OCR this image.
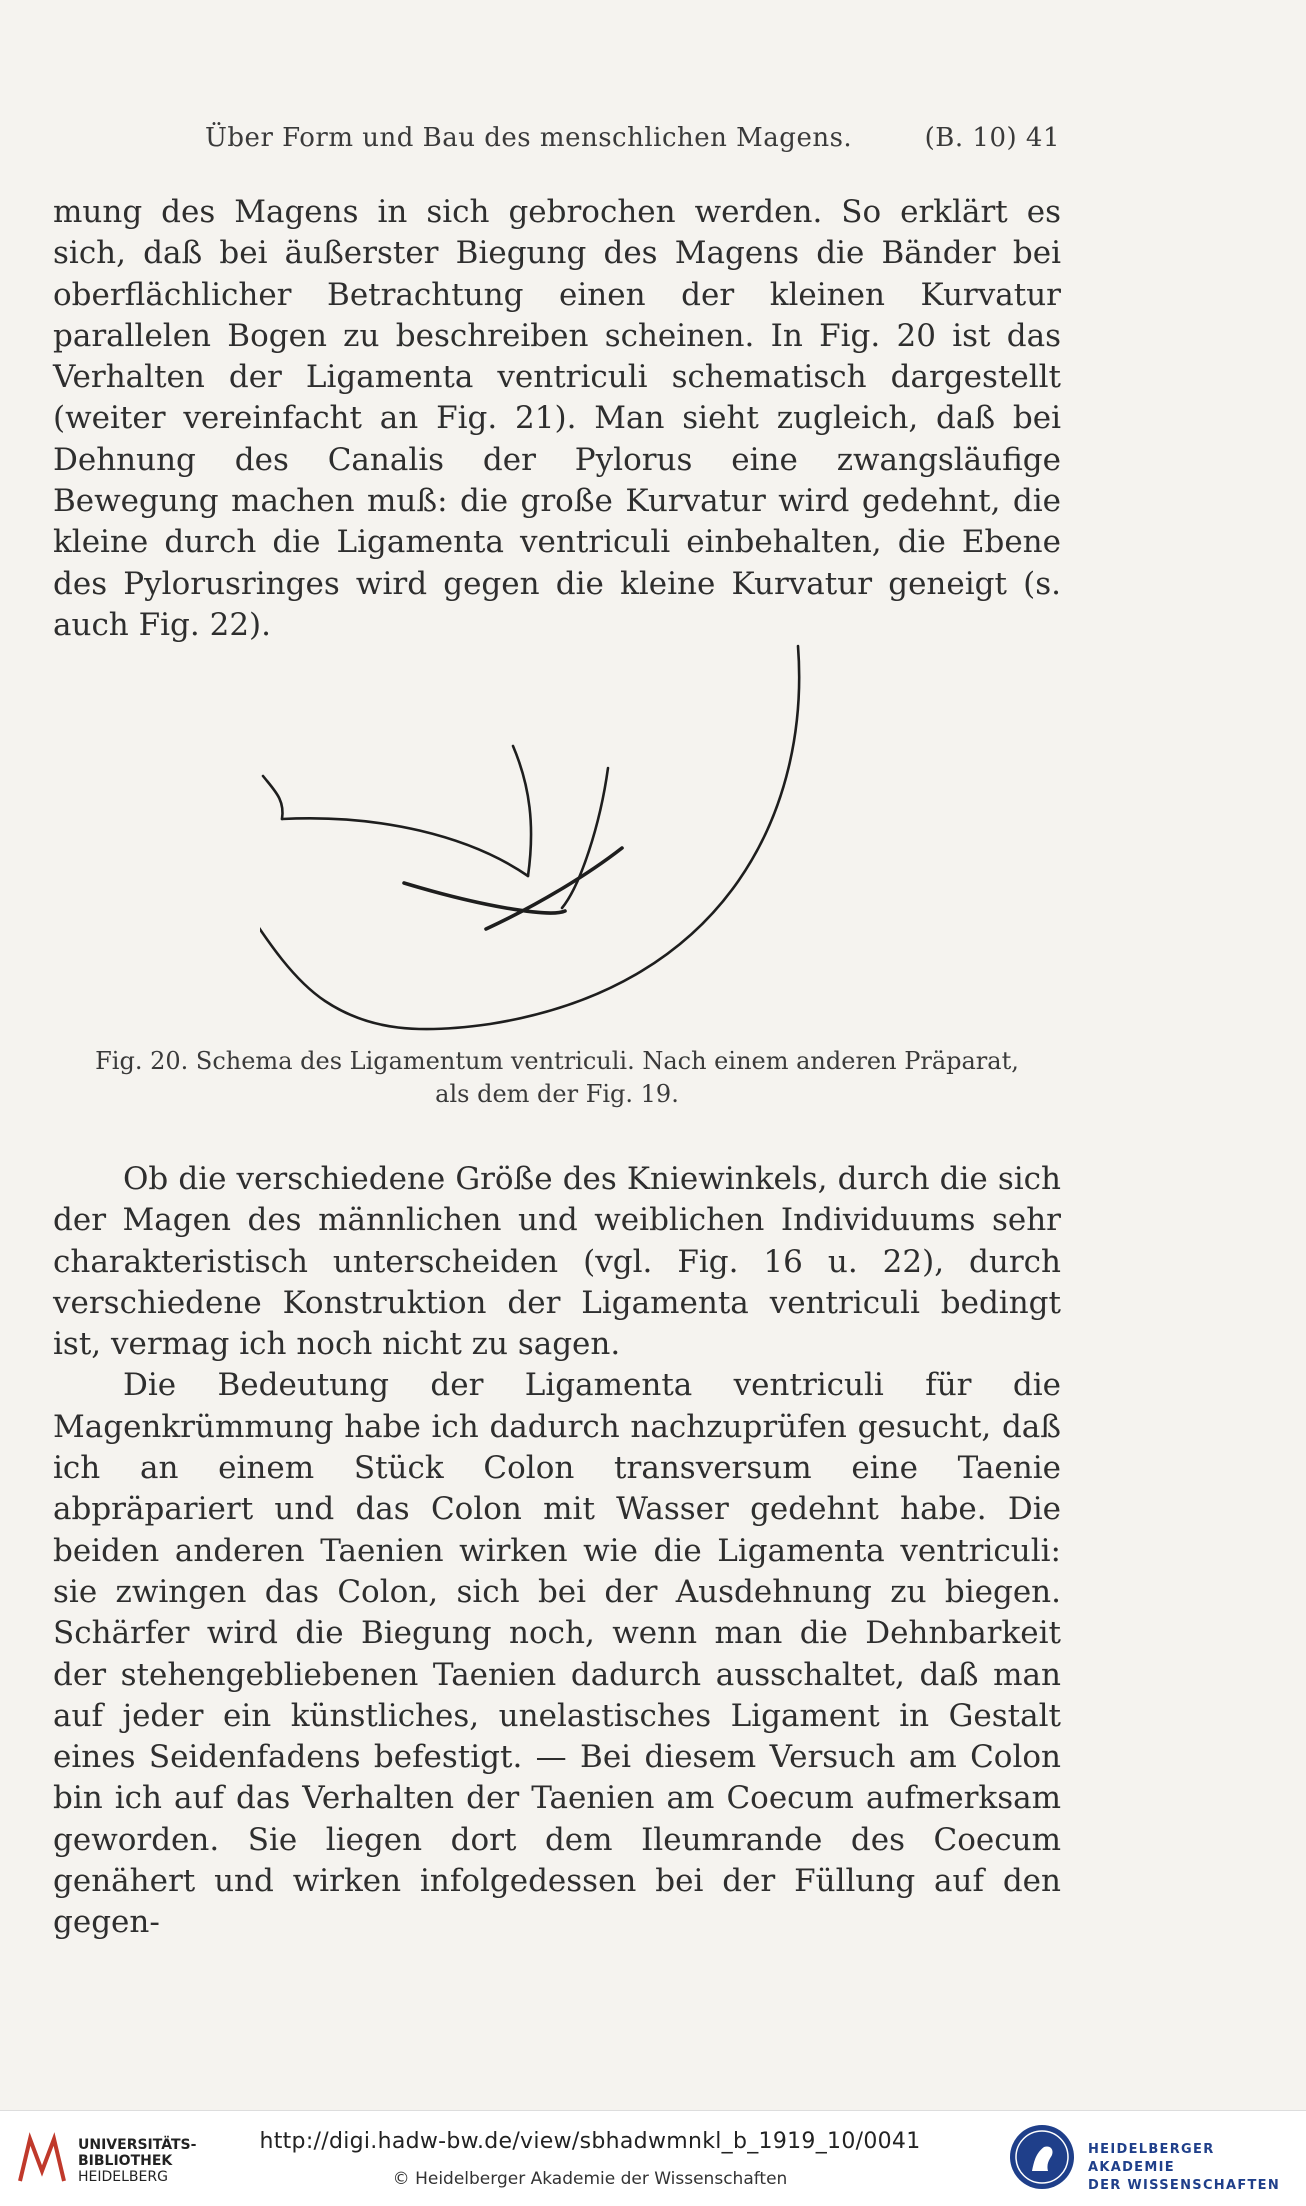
Über Form und Bau des menschlichen Magens.	(B. 10) 41

mung des Magens in sich gebrochen werden. So erklärt es sich, daß bei äußerster Biegung des Magens die Bänder bei oberflächlicher Betrachtung einen der kleinen Kurvatur parallelen Bogen zu beschreiben scheinen. In Fig. 20 ist das Verhalten der Ligamenta ventriculi schematisch dargestellt (weiter vereinfacht an Fig. 21). Man sieht zugleich, daß bei Dehnung des Canalis der Pylorus eine zwangsläufige Bewegung machen muß: die große Kurvatur wird gedehnt, die kleine durch die Ligamenta ventriculi einbehalten, die Ebene des Pylorusringes wird gegen die kleine Kurvatur geneigt (s. auch Fig. 22).

Fig. 20. Schema des Ligamentum ventriculi. Nach einem anderen Präparat,
als dem der Fig. 19.

Ob die verschiedene Größe des Kniewinkels, durch die sich der Magen des männlichen und weiblichen Individuums sehr charakteristisch unterscheiden (vgl. Fig. 16 u. 22), durch verschiedene Konstruktion der Ligamenta ventriculi bedingt ist, vermag ich noch nicht zu sagen.

Die Bedeutung der Ligamenta ventriculi für die Magenkrümmung habe ich dadurch nachzuprüfen gesucht, daß ich an einem Stück Colon transversum eine Taenie abpräpariert und das Colon mit Wasser gedehnt habe. Die beiden anderen Taenien wirken wie die Ligamenta ventriculi: sie zwingen das Colon, sich bei der Ausdehnung zu biegen. Schärfer wird die Biegung noch, wenn man die Dehnbarkeit der stehengebliebenen Taenien dadurch ausschaltet, daß man auf jeder ein künstliches, unelastisches Ligament in Gestalt eines Seidenfadens befestigt. — Bei diesem Versuch am Colon bin ich auf das Verhalten der Taenien am Coecum aufmerksam geworden. Sie liegen dort dem Ileumrande des Coecum genähert und wirken infolgedessen bei der Füllung auf den gegen-

UNIVERSITÄTS-
BIBLIOTHEK
HEIDELBERG
http://digi.hadw-bw.de/view/sbhadwmnkl_b_1919_10/0041
© Heidelberger Akademie der Wissenschaften
HEIDELBERGER AKADEMIE
DER WISSENSCHAFTEN
